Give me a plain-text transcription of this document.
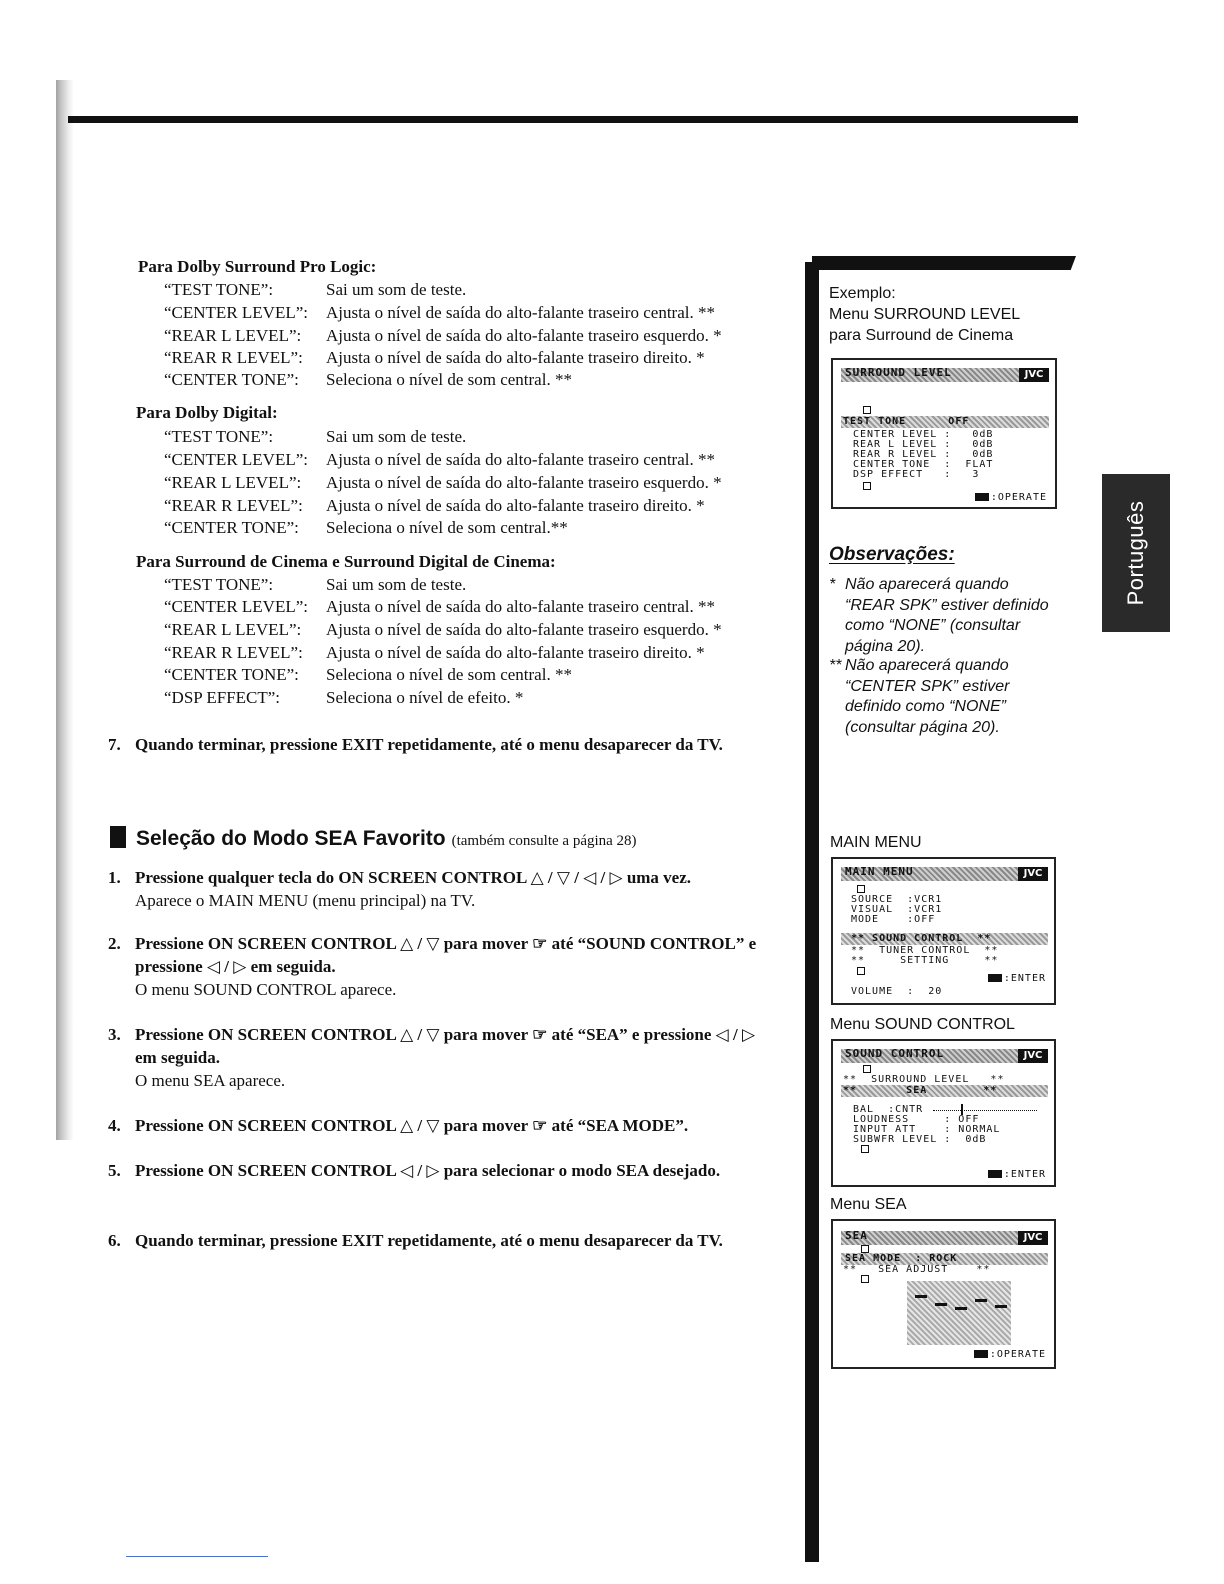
Português
Para Dolby Surround Pro Logic:
“TEST TONE”:	Sai um som de teste.
“CENTER LEVEL”: Ajusta o nível de saída do alto-falante traseiro central. **
“REAR L LEVEL”: Ajusta o nível de saída do alto-falante traseiro esquerdo. *
“REAR R LEVEL”: Ajusta o nível de saída do alto-falante traseiro direito. *
“CENTER TONE”: Seleciona o nível de som central. **
Para Dolby Digital:
“TEST TONE”:	Sai um som de teste.
“CENTER LEVEL”: Ajusta o nível de saída do alto-falante traseiro central. **
“REAR L LEVEL”: Ajusta o nível de saída do alto-falante traseiro esquerdo. *
“REAR R LEVEL”: Ajusta o nível de saída do alto-falante traseiro direito. *
“CENTER TONE”: Seleciona o nível de som central.**
Para Surround de Cinema e Surround Digital de Cinema:
“TEST TONE”:	Sai um som de teste.
“CENTER LEVEL”: Ajusta o nível de saída do alto-falante traseiro central. **
“REAR L LEVEL”: Ajusta o nível de saída do alto-falante traseiro esquerdo. *
“REAR R LEVEL”: Ajusta o nível de saída do alto-falante traseiro direito. *
“CENTER TONE”: Seleciona o nível de som central. **
“DSP EFFECT”:	Seleciona o nível de efeito. *
7. Quando terminar, pressione EXIT repetidamente, até o menu desaparecer da TV.
Seleção do Modo SEA Favorito (também consulte a página 28)
1. Pressione qualquer tecla do ON SCREEN CONTROL △ / ▽ / ◁ / ▷ uma vez.
Aparece o MAIN MENU (menu principal) na TV.
2. Pressione ON SCREEN CONTROL △ / ▽ para mover ☞ até “SOUND CONTROL” e pressione ◁ / ▷ em seguida.
O menu SOUND CONTROL aparece.
3. Pressione ON SCREEN CONTROL △ / ▽ para mover ☞ até “SEA” e pressione ◁ / ▷ em seguida.
O menu SEA aparece.
4. Pressione ON SCREEN CONTROL △ / ▽ para mover ☞ até “SEA MODE”.
5. Pressione ON SCREEN CONTROL ◁ / ▷ para selecionar o modo SEA desejado.
6. Quando terminar, pressione EXIT repetidamente, até o menu desaparecer da TV.
Exemplo:
Menu SURROUND LEVEL
para Surround de Cinema
SURROUND LEVEL	JVC
TEST TONE      OFF
CENTER LEVEL :   0dB
REAR L LEVEL :   0dB
REAR R LEVEL :   0dB
CENTER TONE  :  FLAT
DSP EFFECT   :   3
:OPERATE
Observações:
* Não aparecerá quando “REAR SPK” estiver definido como “NONE” (consultar página 20).
** Não aparecerá quando “CENTER SPK” estiver definido como “NONE” (consultar página 20).
MAIN MENU
MAIN MENU	JVC
SOURCE  :VCR1
VISUAL  :VCR1
MODE    :OFF
** SOUND CONTROL  **
**  TUNER CONTROL  **
**     SETTING     **
:ENTER
VOLUME  :  20
Menu SOUND CONTROL
SOUND CONTROL	JVC
**  SURROUND LEVEL   **
**       SEA        **
BAL  :CNTR
LOUDNESS     : OFF
INPUT ATT    : NORMAL
SUBWFR LEVEL :  0dB
:ENTER
Menu SEA
SEA	JVC
SEA MODE  : ROCK
**   SEA ADJUST    **
:OPERATE
